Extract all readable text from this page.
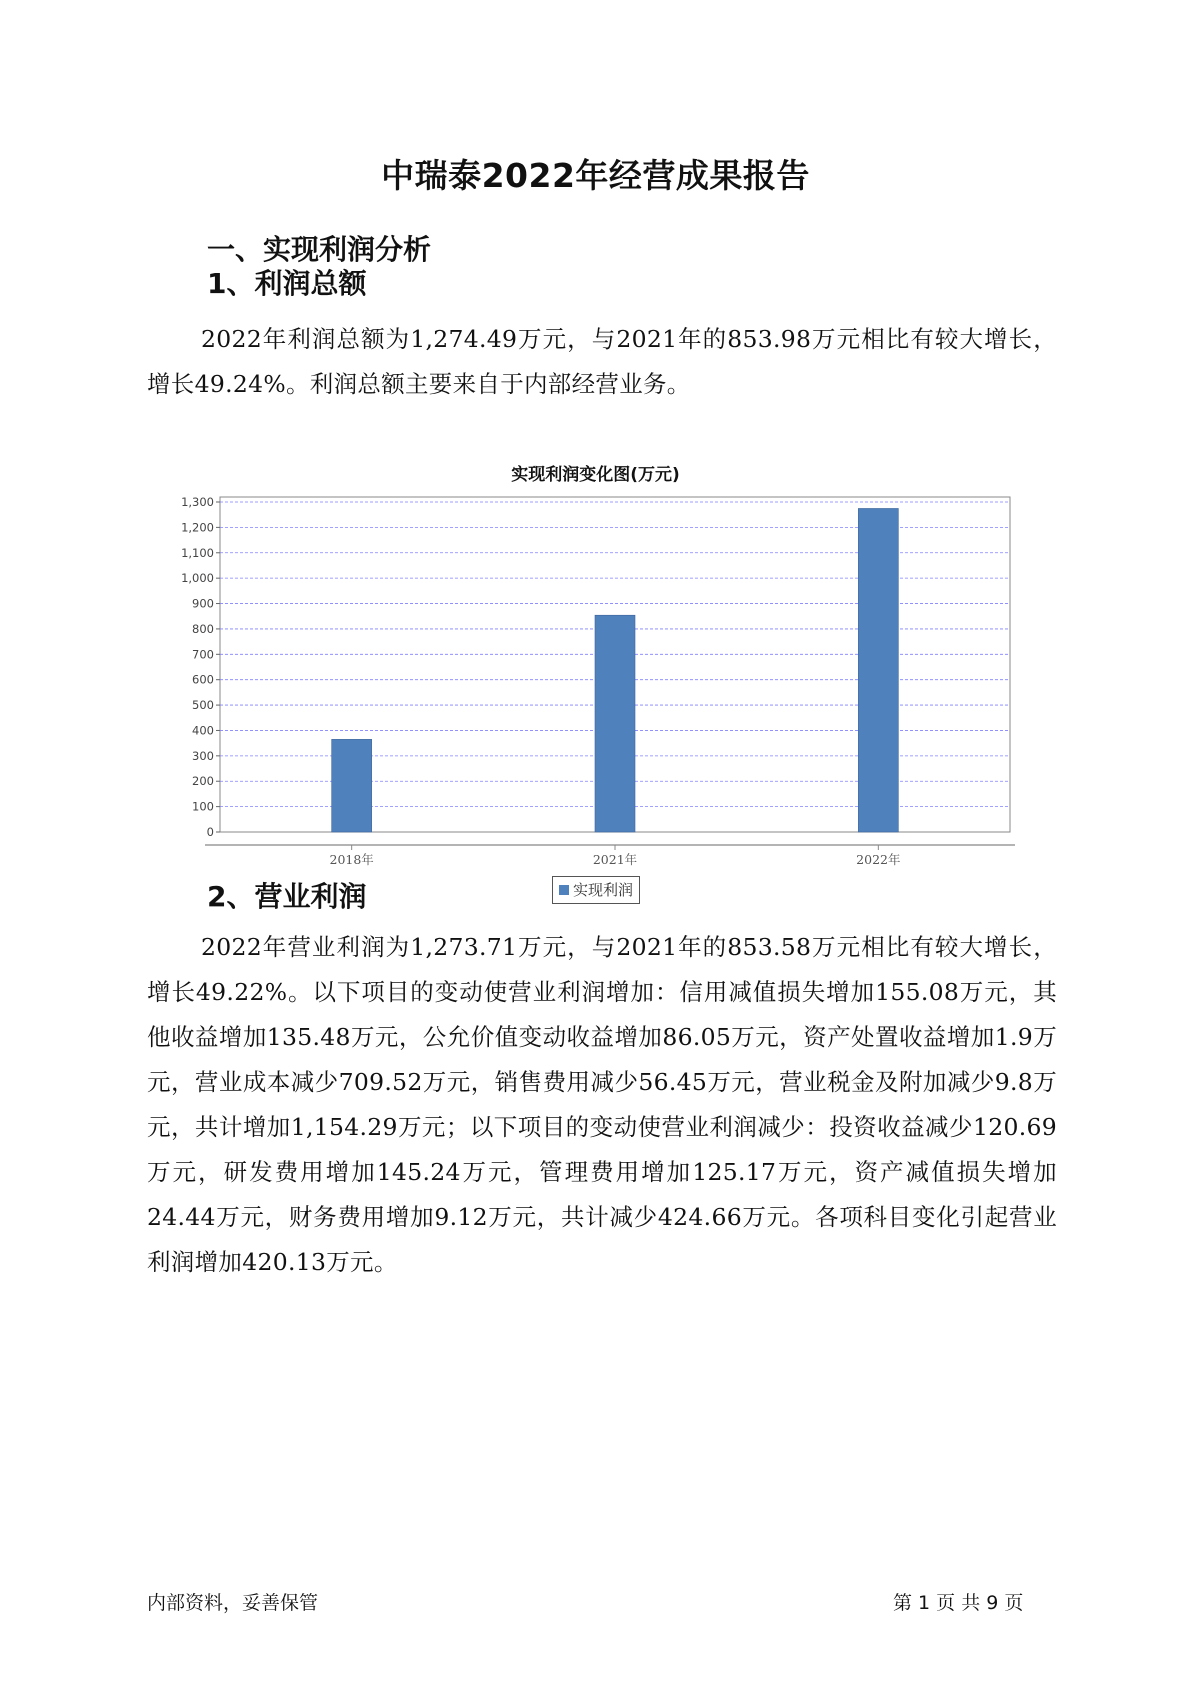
中瑞泰2022年经营成果报告
一、实现利润分析
1、利润总额

2022年利润总额为1,274.49万元，与2021年的853.98万元相比有较大增长，增长49.24%。利润总额主要来自于内部经营业务。

实现利润变化图(万元)
0
100
200
300
400
500
600
700
800
900
1,000
1,100
1,200
1,300
2018年	2021年	2022年
实现利润
2、营业利润

2022年营业利润为1,273.71万元，与2021年的853.58万元相比有较大增长，增长49.22%。以下项目的变动使营业利润增加：信用减值损失增加155.08万元，其他收益增加135.48万元，公允价值变动收益增加86.05万元，资产处置收益增加1.9万元，营业成本减少709.52万元，销售费用减少56.45万元，营业税金及附加减少9.8万元，共计增加1,154.29万元；以下项目的变动使营业利润减少：投资收益减少120.69万元，研发费用增加145.24万元，管理费用增加125.17万元，资产减值损失增加24.44万元，财务费用增加9.12万元，共计减少424.66万元。各项科目变化引起营业利润增加420.13万元。

内部资料，妥善保管	第 1 页 共 9 页
